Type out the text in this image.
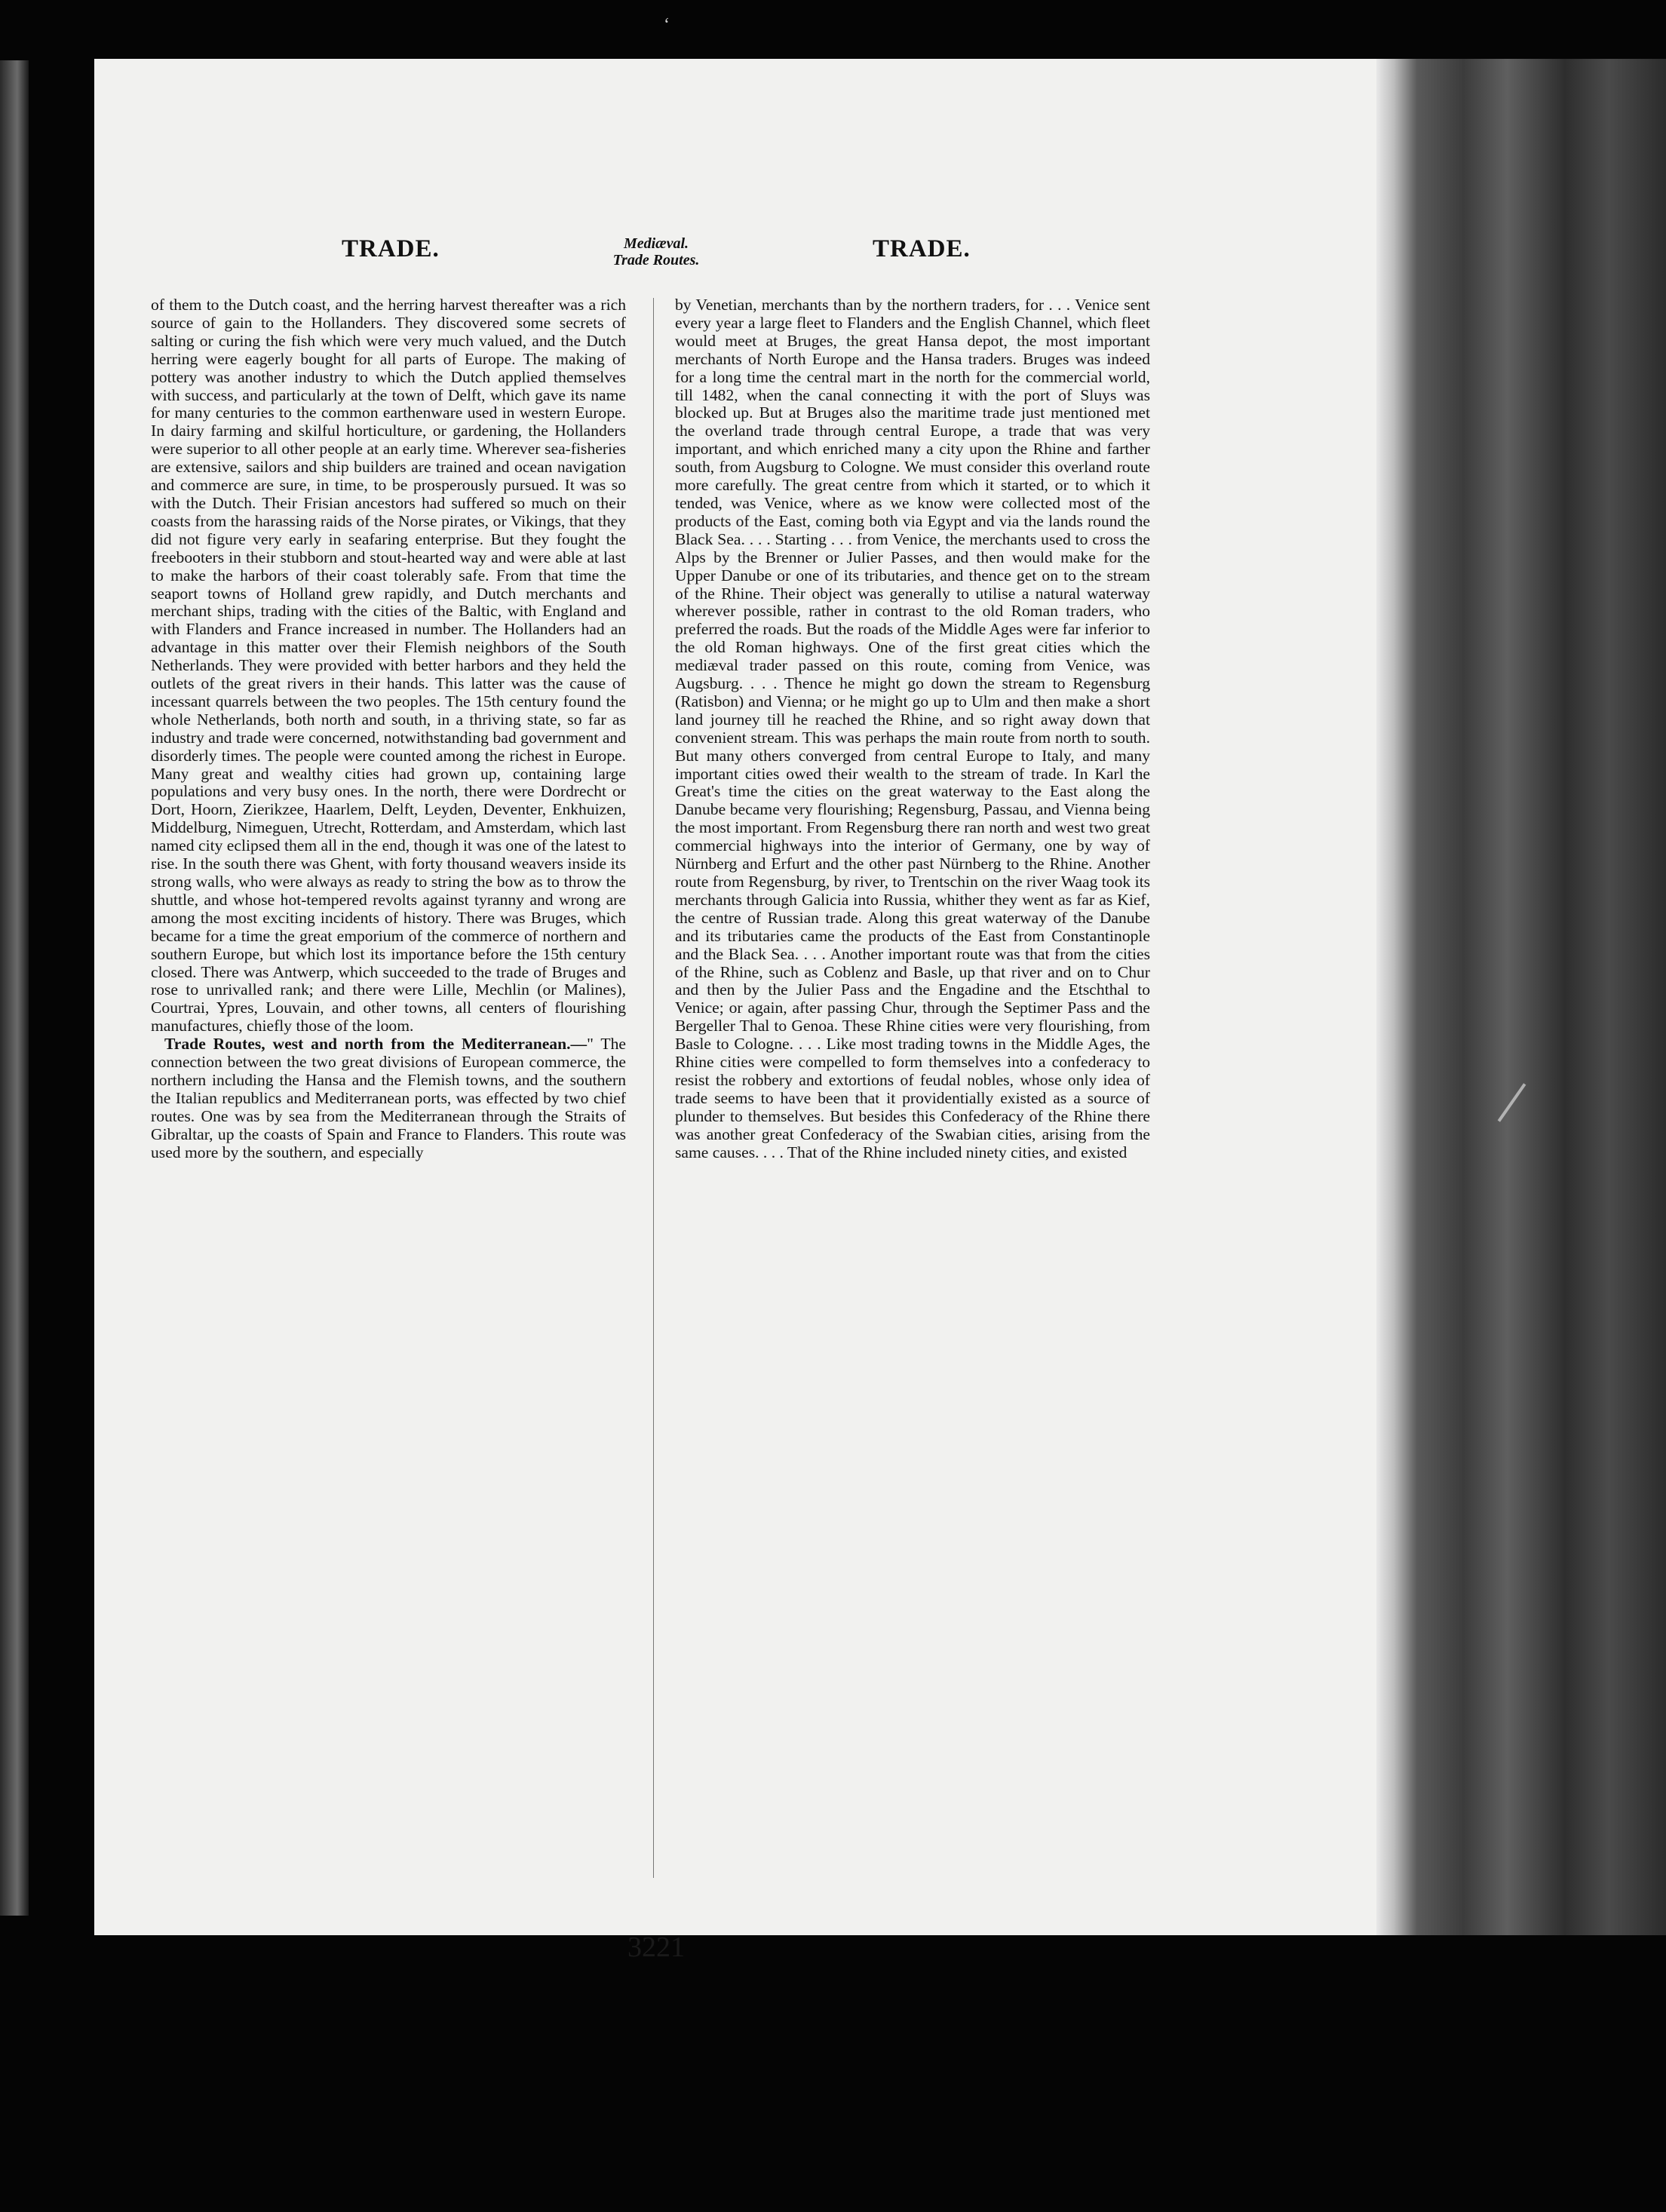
ʻ
TRADE.	Mediæval.
Trade Routes.	TRADE.

of them to the Dutch coast, and the herring harvest thereafter was a rich source of gain to the Hollanders. They discovered some secrets of salting or curing the fish which were very much valued, and the Dutch herring were eagerly bought for all parts of Europe. The making of pottery was another industry to which the Dutch applied themselves with success, and particularly at the town of Delft, which gave its name for many centuries to the common earthenware used in western Europe. In dairy farming and skilful horticulture, or gardening, the Hollanders were superior to all other people at an early time. Wherever sea-fisheries are extensive, sailors and ship builders are trained and ocean navigation and commerce are sure, in time, to be prosperously pursued. It was so with the Dutch. Their Frisian ancestors had suffered so much on their coasts from the harassing raids of the Norse pirates, or Vikings, that they did not figure very early in seafaring enterprise. But they fought the freebooters in their stubborn and stout-hearted way and were able at last to make the harbors of their coast tolerably safe. From that time the seaport towns of Holland grew rapidly, and Dutch merchants and merchant ships, trading with the cities of the Baltic, with England and with Flanders and France increased in number. The Hollanders had an advantage in this matter over their Flemish neighbors of the South Netherlands. They were provided with better harbors and they held the outlets of the great rivers in their hands. This latter was the cause of incessant quarrels between the two peoples. The 15th century found the whole Netherlands, both north and south, in a thriving state, so far as industry and trade were concerned, notwithstanding bad government and disorderly times. The people were counted among the richest in Europe. Many great and wealthy cities had grown up, containing large populations and very busy ones. In the north, there were Dordrecht or Dort, Hoorn, Zierikzee, Haarlem, Delft, Leyden, Deventer, Enkhuizen, Middelburg, Nimeguen, Utrecht, Rotterdam, and Amsterdam, which last named city eclipsed them all in the end, though it was one of the latest to rise. In the south there was Ghent, with forty thousand weavers inside its strong walls, who were always as ready to string the bow as to throw the shuttle, and whose hot-tempered revolts against tyranny and wrong are among the most exciting incidents of history. There was Bruges, which became for a time the great emporium of the commerce of northern and southern Europe, but which lost its importance before the 15th century closed. There was Antwerp, which succeeded to the trade of Bruges and rose to unrivalled rank; and there were Lille, Mechlin (or Malines), Courtrai, Ypres, Louvain, and other towns, all centers of flourishing manufactures, chiefly those of the loom.

Trade Routes, west and north from the Mediterranean.—" The connection between the two great divisions of European commerce, the northern including the Hansa and the Flemish towns, and the southern the Italian republics and Mediterranean ports, was effected by two chief routes. One was by sea from the Mediterranean through the Straits of Gibraltar, up the coasts of Spain and France to Flanders. This route was used more by the southern, and especially

by Venetian, merchants than by the northern traders, for . . . Venice sent every year a large fleet to Flanders and the English Channel, which fleet would meet at Bruges, the great Hansa depot, the most important merchants of North Europe and the Hansa traders. Bruges was indeed for a long time the central mart in the north for the commercial world, till 1482, when the canal connecting it with the port of Sluys was blocked up. But at Bruges also the maritime trade just mentioned met the overland trade through central Europe, a trade that was very important, and which enriched many a city upon the Rhine and farther south, from Augsburg to Cologne. We must consider this overland route more carefully. The great centre from which it started, or to which it tended, was Venice, where as we know were collected most of the products of the East, coming both via Egypt and via the lands round the Black Sea. . . . Starting . . . from Venice, the merchants used to cross the Alps by the Brenner or Julier Passes, and then would make for the Upper Danube or one of its tributaries, and thence get on to the stream of the Rhine. Their object was generally to utilise a natural waterway wherever possible, rather in contrast to the old Roman traders, who preferred the roads. But the roads of the Middle Ages were far inferior to the old Roman highways. One of the first great cities which the mediæval trader passed on this route, coming from Venice, was Augsburg. . . . Thence he might go down the stream to Regensburg (Ratisbon) and Vienna; or he might go up to Ulm and then make a short land journey till he reached the Rhine, and so right away down that convenient stream. This was perhaps the main route from north to south. But many others converged from central Europe to Italy, and many important cities owed their wealth to the stream of trade. In Karl the Great's time the cities on the great waterway to the East along the Danube became very flourishing; Regensburg, Passau, and Vienna being the most important. From Regensburg there ran north and west two great commercial highways into the interior of Germany, one by way of Nürnberg and Erfurt and the other past Nürnberg to the Rhine. Another route from Regensburg, by river, to Trentschin on the river Waag took its merchants through Galicia into Russia, whither they went as far as Kief, the centre of Russian trade. Along this great waterway of the Danube and its tributaries came the products of the East from Constantinople and the Black Sea. . . . Another important route was that from the cities of the Rhine, such as Coblenz and Basle, up that river and on to Chur and then by the Julier Pass and the Engadine and the Etschthal to Venice; or again, after passing Chur, through the Septimer Pass and the Bergeller Thal to Genoa. These Rhine cities were very flourishing, from Basle to Cologne. . . . Like most trading towns in the Middle Ages, the Rhine cities were compelled to form themselves into a confederacy to resist the robbery and extortions of feudal nobles, whose only idea of trade seems to have been that it providentially existed as a source of plunder to themselves. But besides this Confederacy of the Rhine there was another great Confederacy of the Swabian cities, arising from the same causes. . . . That of the Rhine included ninety cities, and existed

3221
